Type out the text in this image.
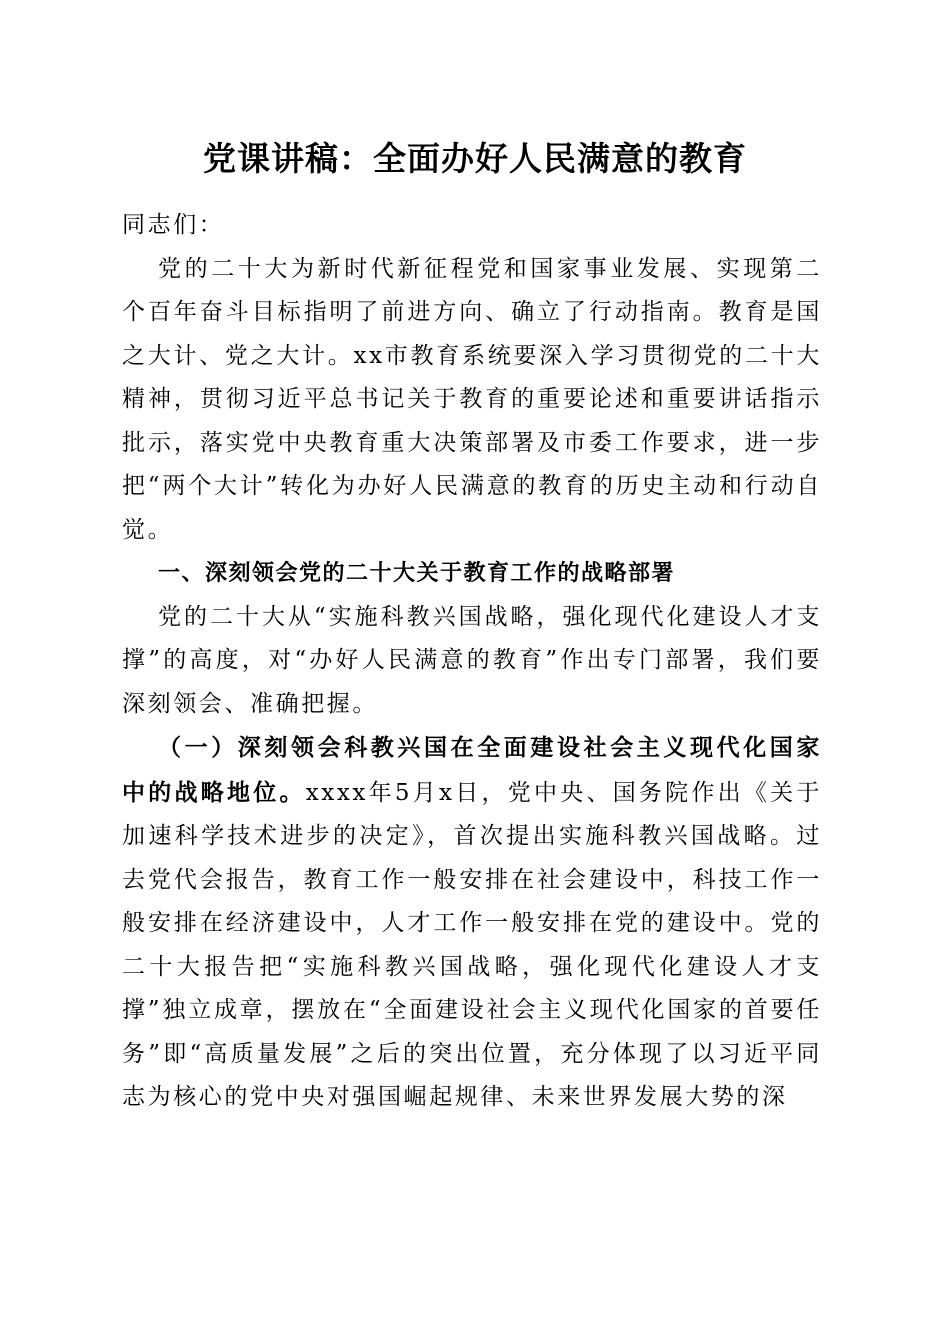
党课讲稿：全面办好人民满意的教育

同志们：

党的二十大为新时代新征程党和国家事业发展、实现第二个百年奋斗目标指明了前进方向、确立了行动指南。教育是国之大计、党之大计。xx市教育系统要深入学习贯彻党的二十大精神，贯彻习近平总书记关于教育的重要论述和重要讲话指示批示，落实党中央教育重大决策部署及市委工作要求，进一步把“两个大计”转化为办好人民满意的教育的历史主动和行动自觉。

一、深刻领会党的二十大关于教育工作的战略部署

党的二十大从“实施科教兴国战略，强化现代化建设人才支撑”的高度，对“办好人民满意的教育”作出专门部署，我们要深刻领会、准确把握。

（一）深刻领会科教兴国在全面建设社会主义现代化国家中的战略地位。xxxx年5月x日，党中央、国务院作出《关于加速科学技术进步的决定》，首次提出实施科教兴国战略。过去党代会报告，教育工作一般安排在社会建设中，科技工作一般安排在经济建设中，人才工作一般安排在党的建设中。党的二十大报告把“实施科教兴国战略，强化现代化建设人才支撑”独立成章，摆放在“全面建设社会主义现代化国家的首要任务”即“高质量发展”之后的突出位置，充分体现了以习近平同志为核心的党中央对强国崛起规律、未来世界发展大势的深
